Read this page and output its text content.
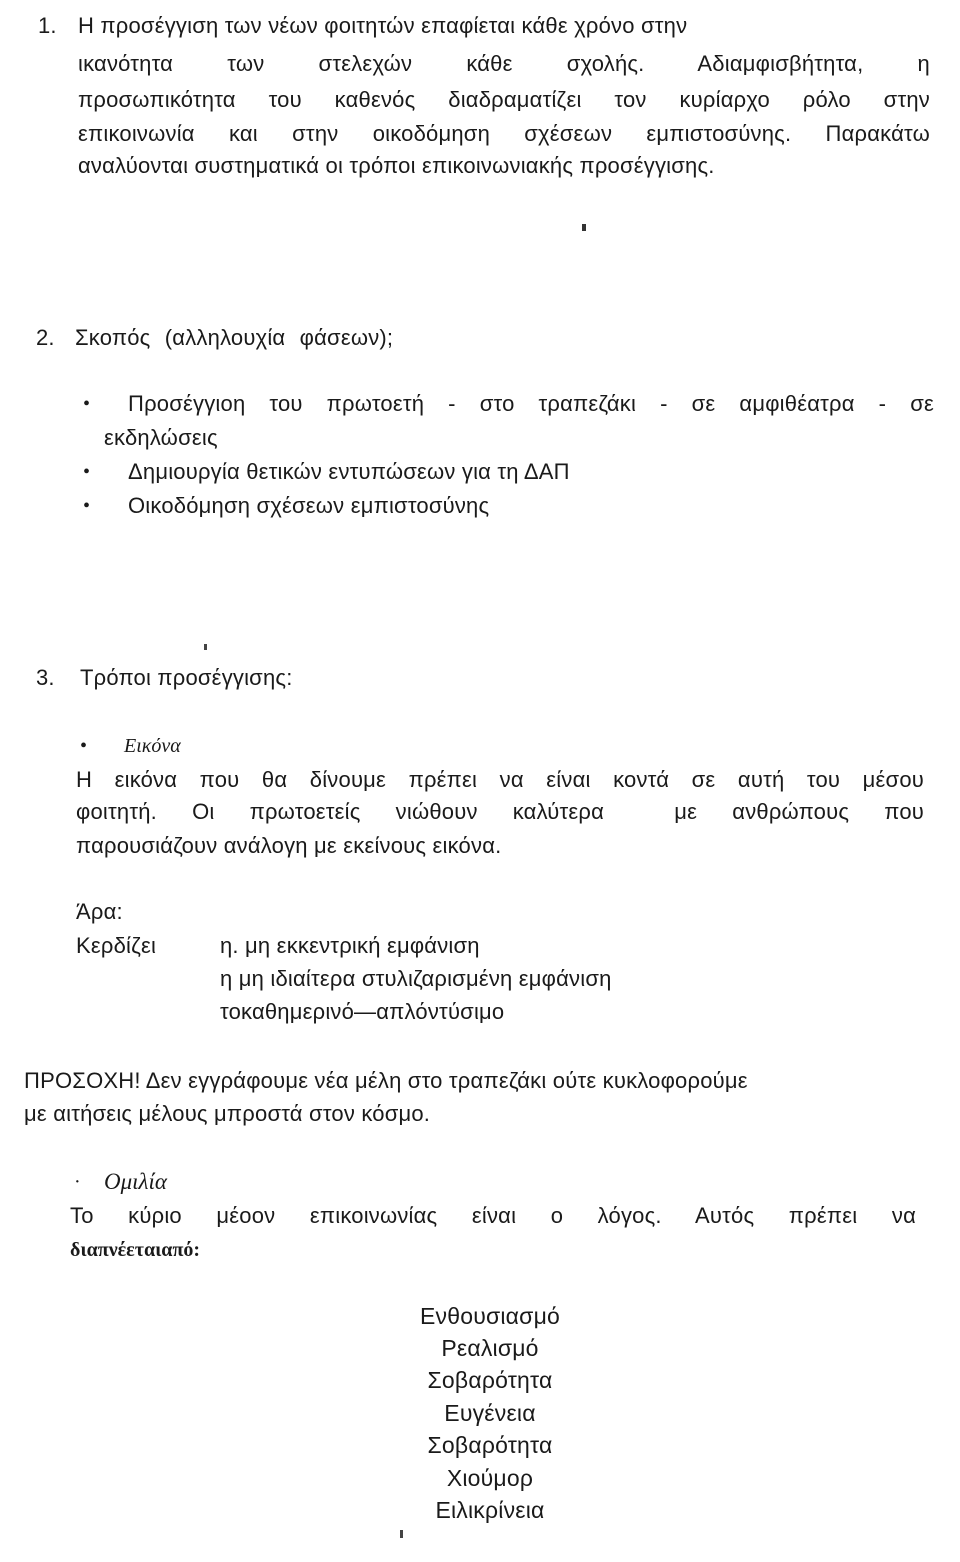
1. Η προσέγγιση των νέων φοιτητών επαφίεται κάθε χρόνο στην
ικανότητα των στελεχών κάθε σχολής. Αδιαμφισβήτητα, η
προσωπικότητα του καθενός διαδραματίζει τον κυρίαρχο ρόλο στην
επικοινωνία και στην οικοδόμηση σχέσεων εμπιστοσύνης. Παρακάτω
αναλύονται συστηματικά οι τρόποι επικοινωνιακής προσέγγισης.
2. Σκοπός (αλληλουχία φάσεων);
• Προσέγγιοη του πρωτοετή - στο τραπεζάκι - σε αμφιθέατρα - σε
εκδηλώσεις
• Δημιουργία θετικών εντυπώσεων για τη ΔΑΠ
• Οικοδόμηση σχέσεων εμπιστοσύνης
3. Τρόποι προσέγγισης:
• Εικόνα
Η εικόνα που θα δίνουμε πρέπει να είναι κοντά σε αυτή του μέσου
φοιτητή. Οι πρωτοετείς νιώθουν καλύτερα  με ανθρώπους που
παρουσιάζουν ανάλογη με εκείνους εικόνα.
Άρα:
Κερδίζει	η. μη εκκεντρική εμφάνιση
η μη ιδιαίτερα στυλιζαρισμένη εμφάνιση
τοκαθημερινό—απλόντύσιμο
ΠΡΟΣΟΧΗ! Δεν εγγράφουμε νέα μέλη στο τραπεζάκι ούτε κυκλοφορούμε
με αιτήσεις μέλους μπροστά στον κόσμο.
· Ομιλία
Το κύριο μέοον επικοινωνίας είναι ο λόγος. Αυτός πρέπει να
διαπνέεταιαπό:
Ενθουσιασμό
Ρεαλισμό
Σοβαρότητα
Ευγένεια
Σοβαρότητα
Χιούμορ
Ειλικρίνεια
